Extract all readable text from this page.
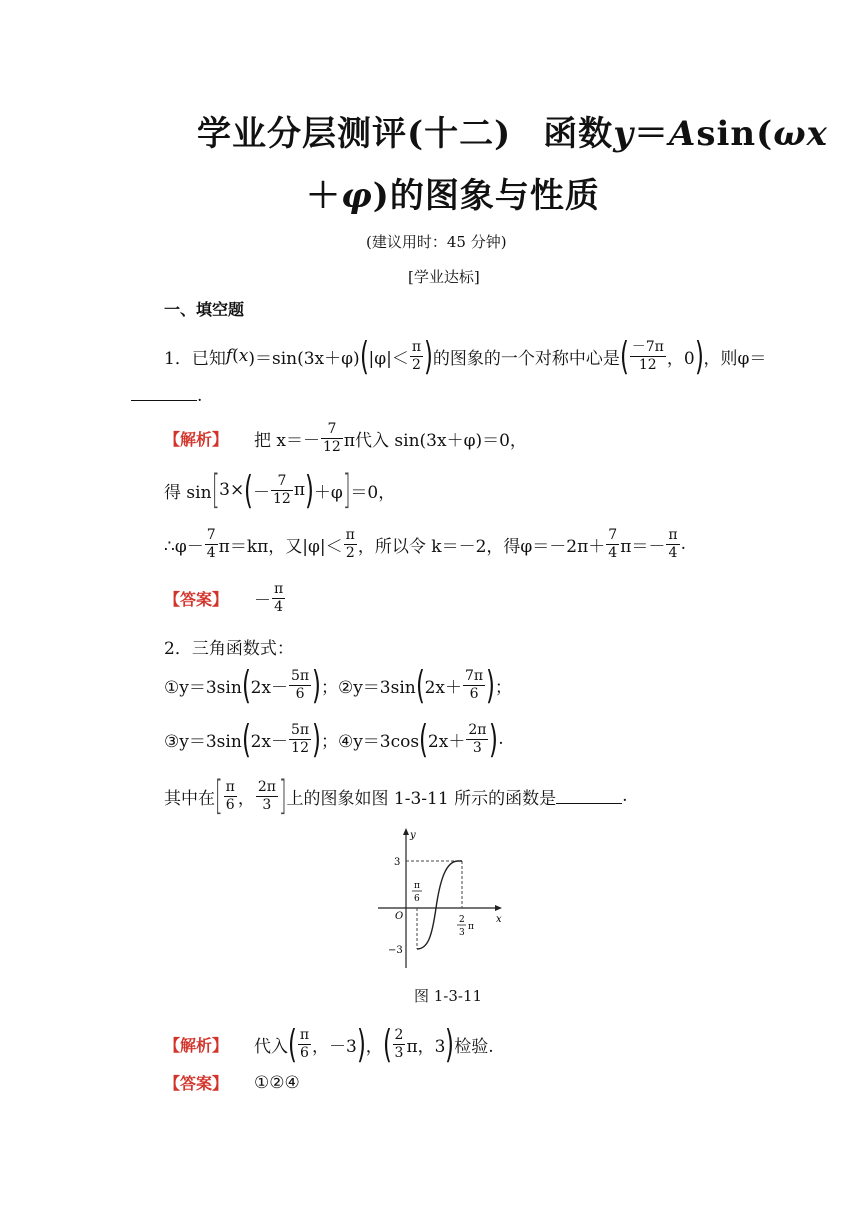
学业分层测评(十二) 函数y＝Asin(ωx
＋φ)的图象与性质
(建议用时：45 分钟)
[学业达标]
一、填空题
1．已知 f ( x )＝sin(3x＋φ) ( $|\varphi|< \frac{\pi}{2}$ ) 的图象的一个对称中心是 ( $\frac{-7\pi}{12}$ ，0 ) ，则φ＝
.
【解析】 把 $x=- \frac{7}{12}$ π代入 sin(3x＋φ)＝0，
得 sin [ 3× ( － $\frac{7}{12}$ π ) ＋φ ] ＝0，
∴φ－ $\frac{7}{4} \pi=k\pi$，又$|\varphi|< \frac{\pi}{2}$ ，所以令 k＝－2，得$\varphi=-2\pi+ \frac{7}{4} \pi=- \frac{\pi}{4}$ .
【答案】 － $\frac{\pi}{4}$
2．三角函数式：
①y＝3sin ( $2x- \frac{5\pi}{6}$ ) ； ②y＝3sin ( $2x+ \frac{7\pi}{6}$ ) ；
③y＝3sin ( $2x- \frac{5\pi}{12}$ ) ； ④y＝3cos ( $2x+ \frac{2\pi}{3}$ ) .
其中在 [ $\frac{\pi}{6}$ ， $\frac{2\pi}{3}$ ] 上的图象如图 1-3-11 所示的函数是	.
y
x
O
3
−3
π
6
2
3
π
图 1-3-11
【解析】 代入 ( $\frac{\pi}{6}$ ，－3 ) ， ( $\frac{2}{3}$ π，3 ) 检验.
【答案】 ①②④
